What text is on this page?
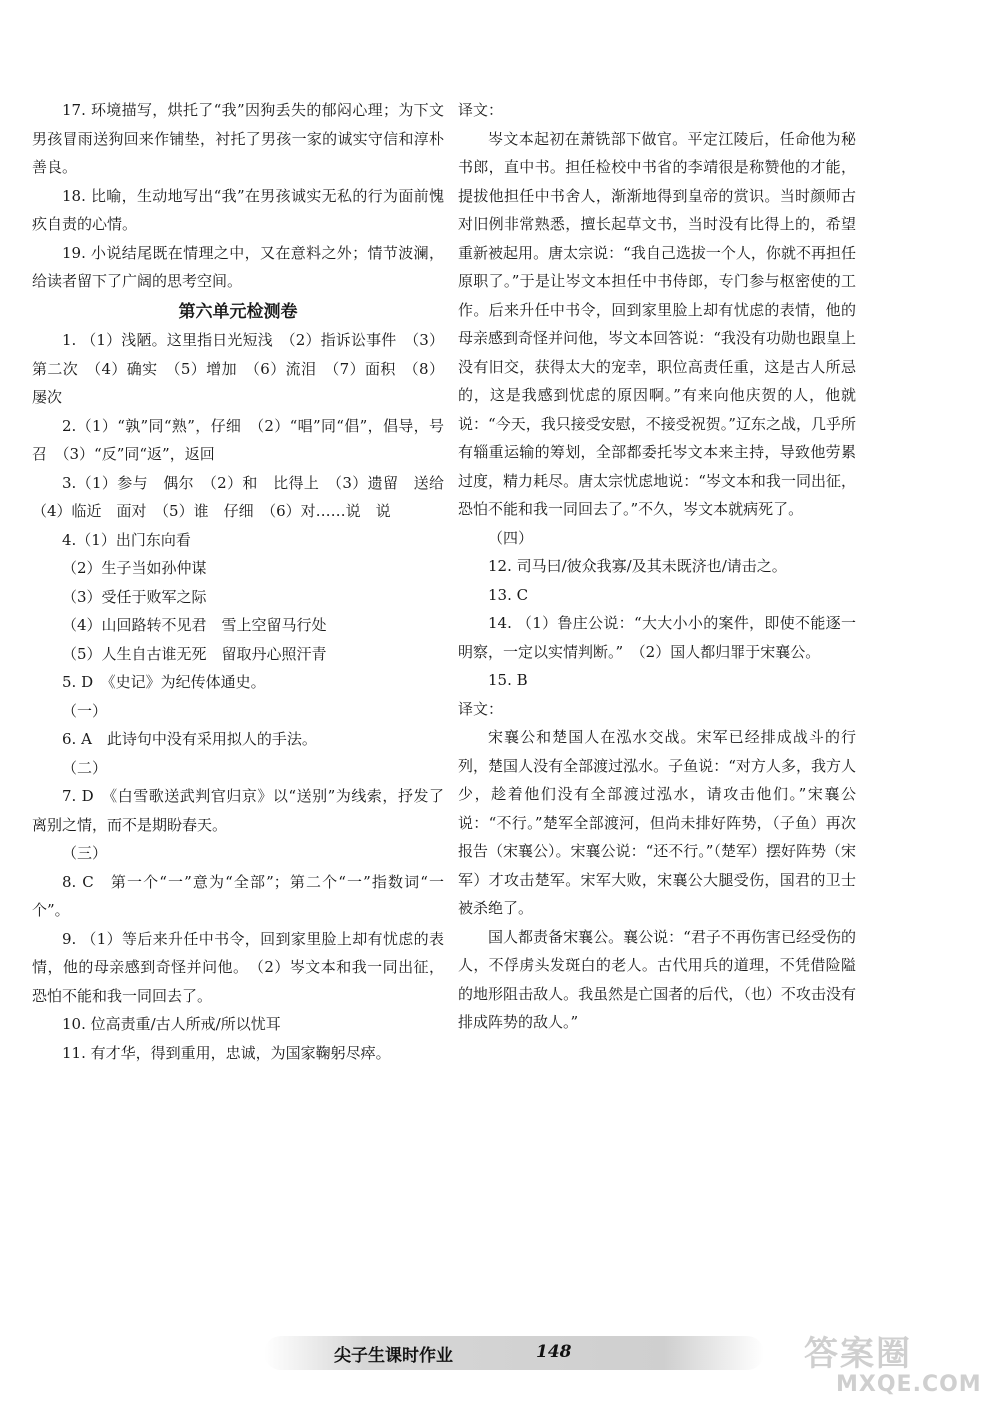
17. 环境描写，烘托了“我”因狗丢失的郁闷心理；为下文男孩冒雨送狗回来作铺垫，衬托了男孩一家的诚实守信和淳朴善良。

18. 比喻，生动地写出“我”在男孩诚实无私的行为面前愧疚自责的心情。

19. 小说结尾既在情理之中，又在意料之外；情节波澜，给读者留下了广阔的思考空间。

第六单元检测卷

1. （1）浅陋。这里指日光短浅　（2）指诉讼事件　（3）第二次　（4）确实　（5）增加　（6）流泪　（7）面积　（8）屡次

2.（1）“孰”同“熟”，仔细　（2）“唱”同“倡”，倡导，号召　（3）“反”同“返”，返回

3.（1）参与　偶尔　（2）和　比得上　（3）遗留　送给　（4）临近　面对　（5）谁　仔细　（6）对……说　说

4.（1）出门东向看

（2）生子当如孙仲谋

（3）受任于败军之际

（4）山回路转不见君　雪上空留马行处

（5）人生自古谁无死　留取丹心照汗青

5. D　《史记》为纪传体通史。

（一）

6. A　此诗句中没有采用拟人的手法。

（二）

7. D　《白雪歌送武判官归京》以“送别”为线索，抒发了离别之情，而不是期盼春天。

（三）

8. C　第一个“一”意为“全部”；第二个“一”指数词“一个”。

9. （1）等后来升任中书令，回到家里脸上却有忧虑的表情，他的母亲感到奇怪并问他。　（2）岑文本和我一同出征，恐怕不能和我一同回去了。

10. 位高责重/古人所戒/所以忧耳

11. 有才华，得到重用，忠诚，为国家鞠躬尽瘁。

译文：

岑文本起初在萧铣部下做官。平定江陵后，任命他为秘书郎，直中书。担任检校中书省的李靖很是称赞他的才能，提拔他担任中书舍人，渐渐地得到皇帝的赏识。当时颜师古对旧例非常熟悉，擅长起草文书，当时没有比得上的，希望重新被起用。唐太宗说：“我自己选拔一个人，你就不再担任原职了。”于是让岑文本担任中书侍郎，专门参与枢密使的工作。后来升任中书令，回到家里脸上却有忧虑的表情，他的母亲感到奇怪并问他，岑文本回答说：“我没有功勋也跟皇上没有旧交，获得太大的宠幸，职位高责任重，这是古人所忌的，这是我感到忧虑的原因啊。”有来向他庆贺的人，他就说：“今天，我只接受安慰，不接受祝贺。”辽东之战，几乎所有辎重运输的筹划，全部都委托岑文本来主持，导致他劳累过度，精力耗尽。唐太宗忧虑地说：“岑文本和我一同出征，恐怕不能和我一同回去了。”不久，岑文本就病死了。

（四）

12. 司马曰/彼众我寡/及其未既济也/请击之。

13. C

14. （1）鲁庄公说：“大大小小的案件，即使不能逐一明察，一定以实情判断。”　（2）国人都归罪于宋襄公。

15. B

译文：

宋襄公和楚国人在泓水交战。宋军已经排成战斗的行列，楚国人没有全部渡过泓水。子鱼说：“对方人多，我方人少，趁着他们没有全部渡过泓水，请攻击他们。”宋襄公说：“不行。”楚军全部渡河，但尚未排好阵势，（子鱼）再次报告（宋襄公）。宋襄公说：“还不行。”（楚军）摆好阵势（宋军）才攻击楚军。宋军大败，宋襄公大腿受伤，国君的卫士被杀绝了。

国人都责备宋襄公。襄公说：“君子不再伤害已经受伤的人，不俘虏头发斑白的老人。古代用兵的道理，不凭借险隘的地形阻击敌人。我虽然是亡国者的后代，（也）不攻击没有排成阵势的敌人。”

尖子生课时作业	148	答案圈
MXQE.COM
